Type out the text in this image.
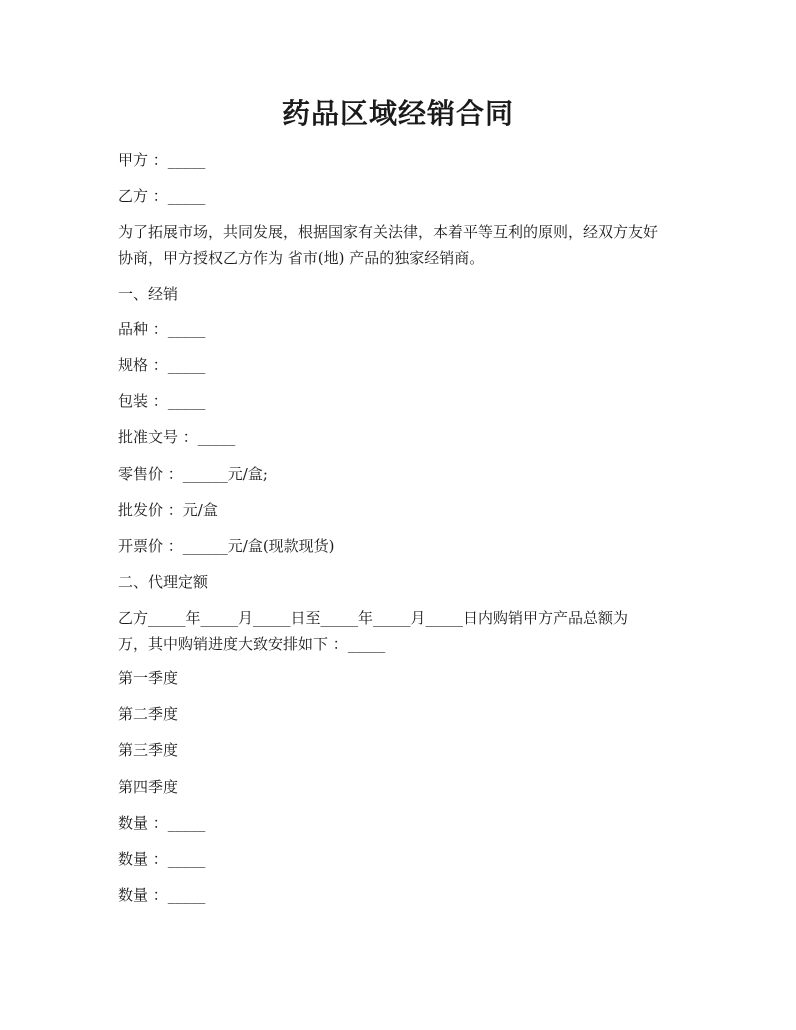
药品区域经销合同
甲方 ：_____
乙方 ：_____
为了拓展市场，共同发展，根据国家有关法律，本着平等互利的原则，经双方友好
协商，甲方授权乙方作为 省市(地) 产品的独家经销商。
一、经销
品种 ：_____
规格 ：_____
包装 ：_____
批准文号 ：_____
零售价 ：______元/盒;
批发价 ：元/盒
开票价 ：______元/盒(现款现货)
二、代理定额
乙方_____年_____月_____日至_____年_____月_____日内购销甲方产品总额为
万，其中购销进度大致安排如下 ：_____
第一季度
第二季度
第三季度
第四季度
数量 ：_____
数量 ：_____
数量 ：_____
